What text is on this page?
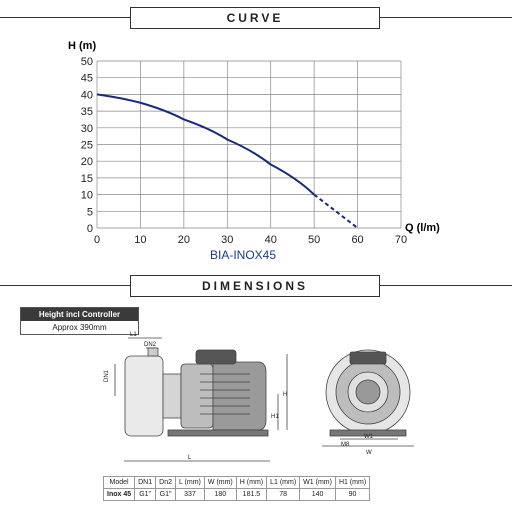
CURVE
0
5
10
15
20
25
30
35
40
45
50
0	10	20	30	40	50	60	70
H (m)
Q (l/m)
BIA-INOX45
DIMENSIONS
Height incl Controller
Approx 390mm
L1
DN2
DN1
L
H
H1
M8
W1
W
Model	DN1	Dn2	L (mm)	W (mm)	H (mm)	L1 (mm)	W1 (mm)	H1 (mm)
Inox 45	G1"	G1"	337	180	181.5	78	140	90
